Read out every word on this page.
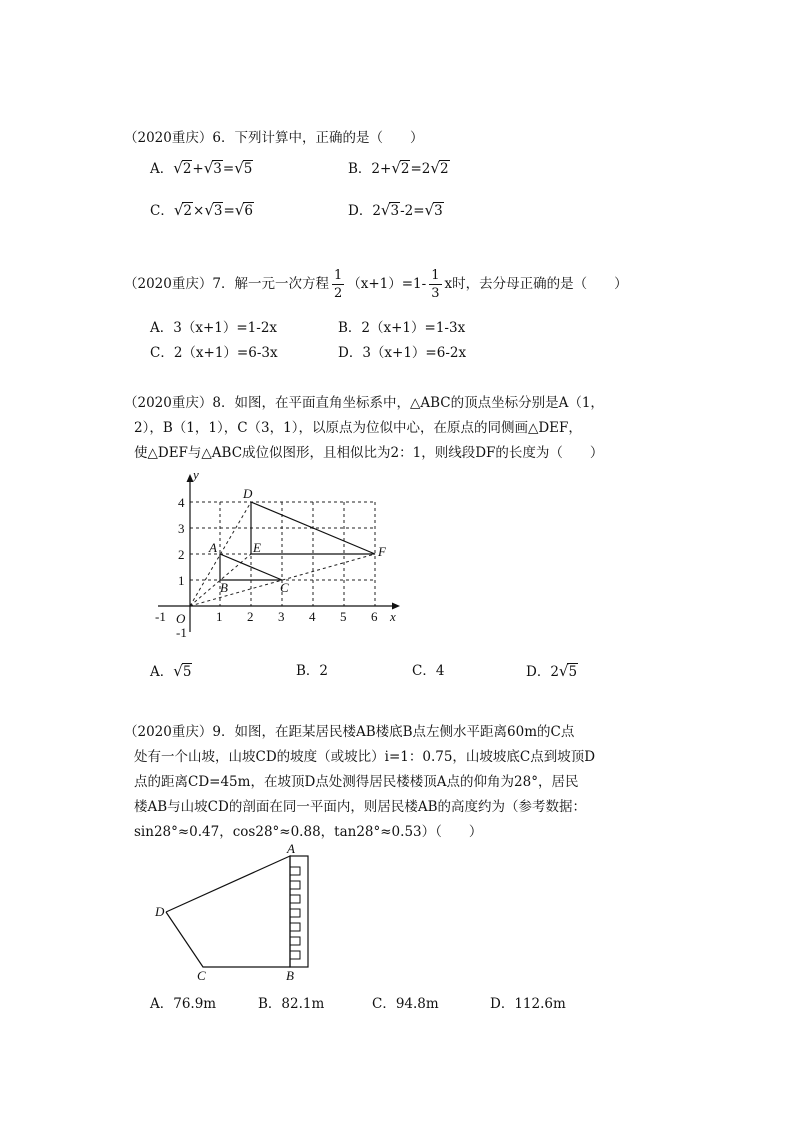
（2020重庆）6．下列计算中，正确的是（　　）
A．√2+√3=√5	B．2+√2=2√2
C．√2×√3=√6	D．2√3-2=√3
（2020重庆）7．解一元一次方程 $\frac{1}{2} (x+1)=1- \frac{1}{3}$ x时，去分母正确的是（　　）
A．3（x+1）=1-2x	B．2（x+1）=1-3x
C．2（x+1）=6-3x	D．3（x+1）=6-2x
（2020重庆）8．如图，在平面直角坐标系中，△ABC的顶点坐标分别是A（1，
2），B（1，1），C（3，1），以原点为位似中心，在原点的同侧画△DEF，
使△DEF与△ABC成位似图形，且相似比为2：1，则线段DF的长度为（　　）
y
x
O
-1	1 2 3 4 5 6
4
3
2
1
-1
A
B	C
D
E	F
A．√5	B．2	C．4	D．2√5
（2020重庆）9．如图，在距某居民楼AB楼底B点左侧水平距离60m的C点
处有一个山坡，山坡CD的坡度（或坡比）i=1：0.75，山坡坡底C点到坡顶D
点的距离CD=45m，在坡顶D点处测得居民楼楼顶A点的仰角为28°，居民
楼AB与山坡CD的剖面在同一平面内，则居民楼AB的高度约为（参考数据：
sin28°≈0.47，cos28°≈0.88，tan28°≈0.53）（　　）
A
B
C
D
A．76.9m	B．82.1m	C．94.8m	D．112.6m
